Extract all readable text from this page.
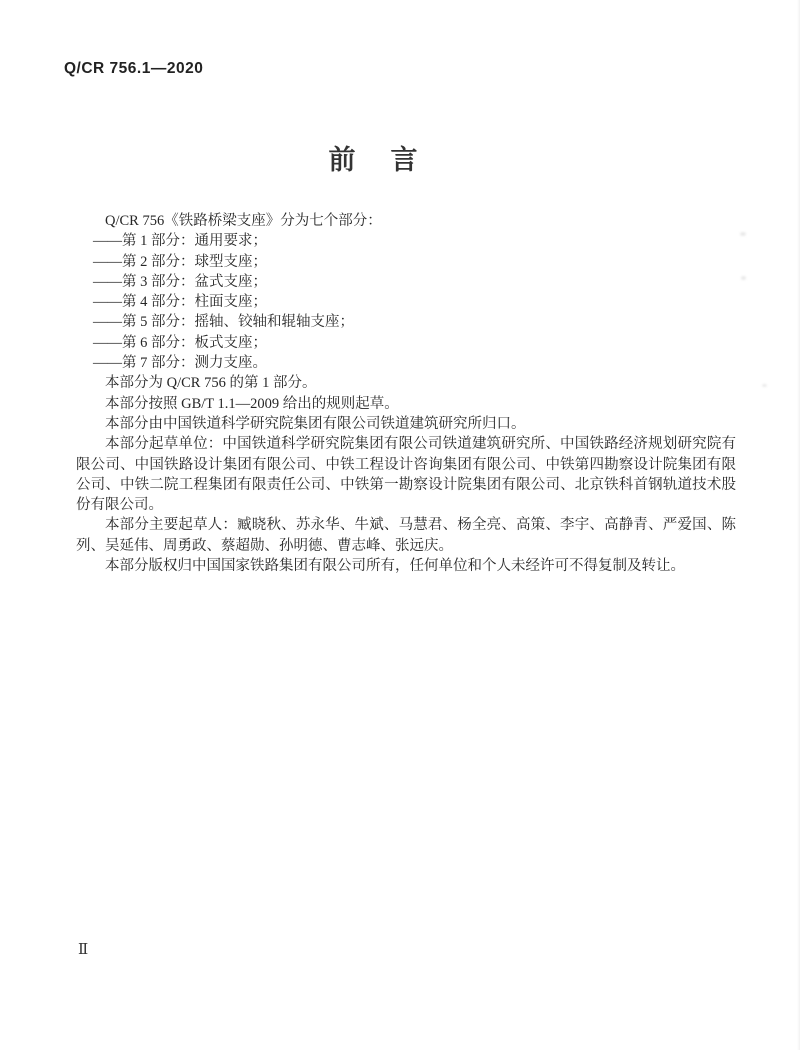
Q/CR 756.1—2020
前言

Q/CR 756《铁路桥梁支座》分为七个部分：

——第 1 部分：通用要求；

——第 2 部分：球型支座；

——第 3 部分：盆式支座；

——第 4 部分：柱面支座；

——第 5 部分：摇轴、铰轴和辊轴支座；

——第 6 部分：板式支座；

——第 7 部分：测力支座。

本部分为 Q/CR 756 的第 1 部分。

本部分按照 GB/T 1.1—2009 给出的规则起草。

本部分由中国铁道科学研究院集团有限公司铁道建筑研究所归口。

本部分起草单位：中国铁道科学研究院集团有限公司铁道建筑研究所、中国铁路经济规划研究院有限公司、中国铁路设计集团有限公司、中铁工程设计咨询集团有限公司、中铁第四勘察设计院集团有限公司、中铁二院工程集团有限责任公司、中铁第一勘察设计院集团有限公司、北京铁科首钢轨道技术股份有限公司。

本部分主要起草人：臧晓秋、苏永华、牛斌、马慧君、杨全亮、高策、李宇、高静青、严爱国、陈列、吴延伟、周勇政、蔡超勋、孙明德、曹志峰、张远庆。

本部分版权归中国国家铁路集团有限公司所有，任何单位和个人未经许可不得复制及转让。

Ⅱ
